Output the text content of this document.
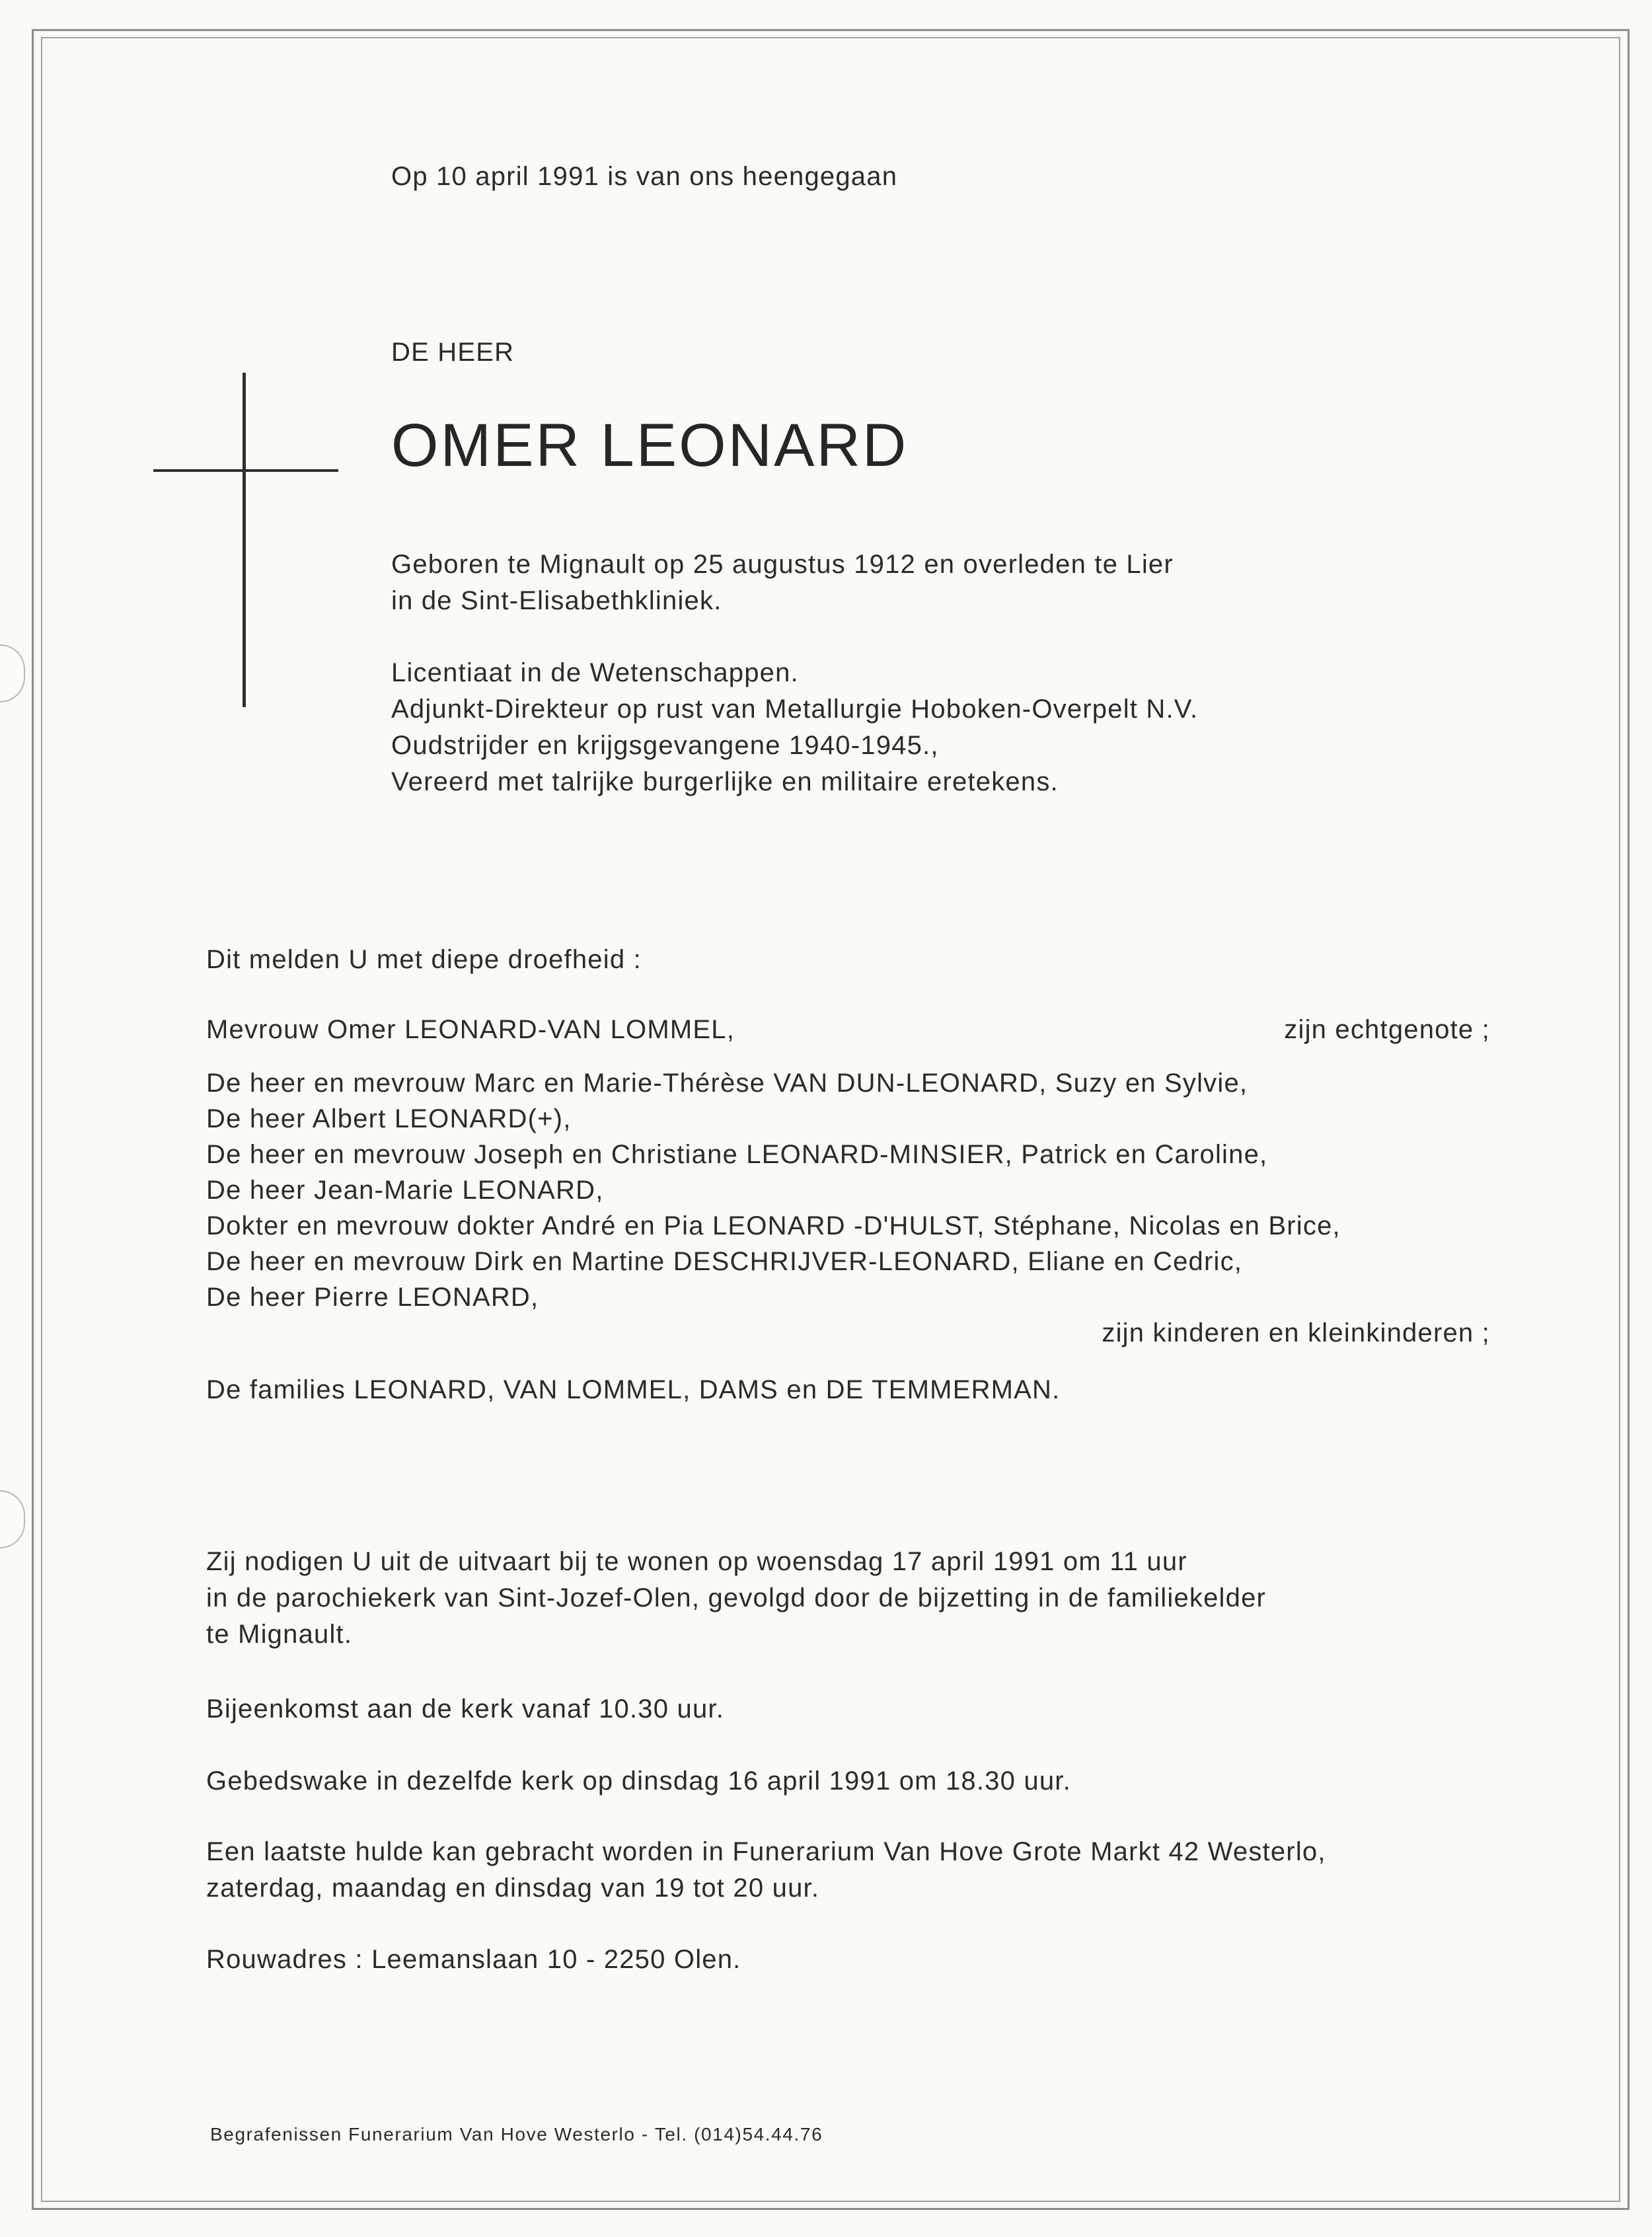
Op 10 april 1991 is van ons heengegaan
DE HEER
OMER LEONARD
Geboren te Mignault op 25 augustus 1912 en overleden te Lier
in de Sint-Elisabethkliniek.
Licentiaat in de Wetenschappen.
Adjunkt-Direkteur op rust van Metallurgie Hoboken-Overpelt N.V.
Oudstrijder en krijgsgevangene 1940-1945.,
Vereerd met talrijke burgerlijke en militaire eretekens.
Dit melden U met diepe droefheid :
Mevrouw Omer LEONARD-VAN LOMMEL,	zijn echtgenote ;
De heer en mevrouw Marc en Marie-Thérèse VAN DUN-LEONARD, Suzy en Sylvie,
De heer Albert LEONARD(+),
De heer en mevrouw Joseph en Christiane LEONARD-MINSIER, Patrick en Caroline,
De heer Jean-Marie LEONARD,
Dokter en mevrouw dokter André en Pia LEONARD -D'HULST, Stéphane, Nicolas en Brice,
De heer en mevrouw Dirk en Martine DESCHRIJVER-LEONARD, Eliane en Cedric,
De heer Pierre LEONARD,
zijn kinderen en kleinkinderen ;
De families LEONARD, VAN LOMMEL, DAMS en DE TEMMERMAN.
Zij nodigen U uit de uitvaart bij te wonen op woensdag 17 april 1991 om 11 uur
in de parochiekerk van Sint-Jozef-Olen, gevolgd door de bijzetting in de familiekelder
te Mignault.
Bijeenkomst aan de kerk vanaf 10.30 uur.
Gebedswake in dezelfde kerk op dinsdag 16 april 1991 om 18.30 uur.
Een laatste hulde kan gebracht worden in Funerarium Van Hove Grote Markt 42 Westerlo,
zaterdag, maandag en dinsdag van 19 tot 20 uur.
Rouwadres : Leemanslaan 10 - 2250 Olen.
Begrafenissen Funerarium Van Hove Westerlo - Tel. (014)54.44.76
